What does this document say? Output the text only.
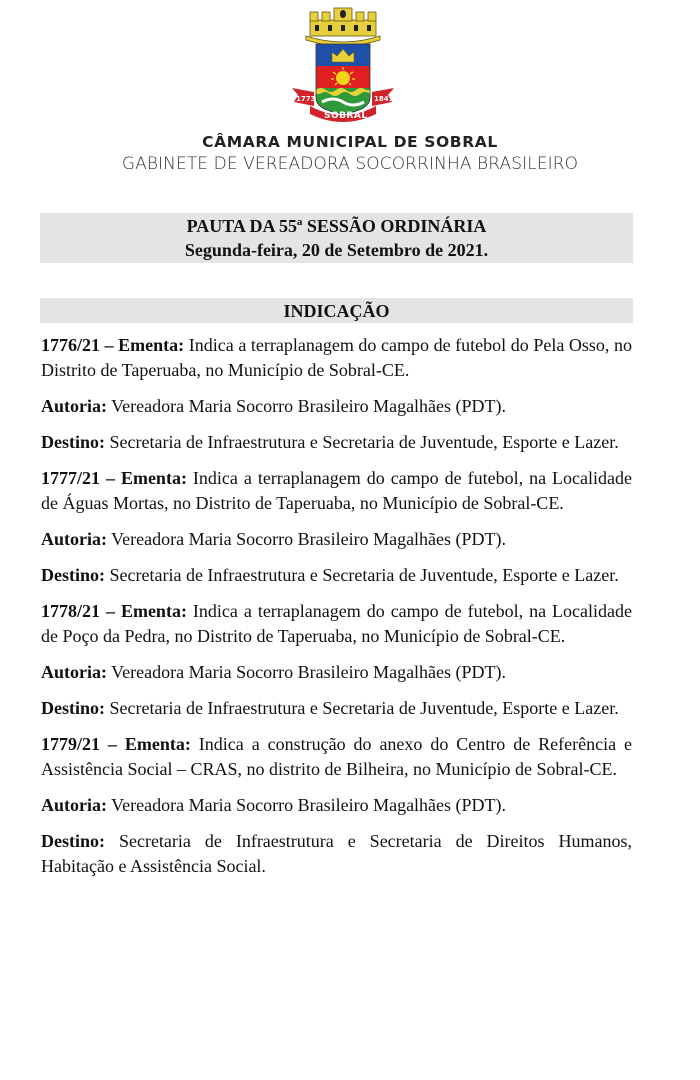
1773	1841
SOBRAL
CÂMARA MUNICIPAL DE SOBRAL
GABINETE DE VEREADORA SOCORRINHA BRASILEIRO
PAUTA DA 55ª SESSÃO ORDINÁRIA
Segunda-feira, 20 de Setembro de 2021.
INDICAÇÃO

1776/21 – Ementa: Indica a terraplanagem do campo de futebol do Pela Osso, no Distrito de Taperuaba, no Município de Sobral-CE.

Autoria: Vereadora Maria Socorro Brasileiro Magalhães (PDT).

Destino: Secretaria de Infraestrutura e Secretaria de Juventude, Esporte e Lazer.

1777/21 – Ementa: Indica a terraplanagem do campo de futebol, na Localidade de Águas Mortas, no Distrito de Taperuaba, no Município de Sobral-CE.

Autoria: Vereadora Maria Socorro Brasileiro Magalhães (PDT).

Destino: Secretaria de Infraestrutura e Secretaria de Juventude, Esporte e Lazer.

1778/21 – Ementa: Indica a terraplanagem do campo de futebol, na Localidade de Poço da Pedra, no Distrito de Taperuaba, no Município de Sobral-CE.

Autoria: Vereadora Maria Socorro Brasileiro Magalhães (PDT).

Destino: Secretaria de Infraestrutura e Secretaria de Juventude, Esporte e Lazer.

1779/21 – Ementa: Indica a construção do anexo do Centro de Referência e Assistência Social – CRAS, no distrito de Bilheira, no Município de Sobral-CE.

Autoria: Vereadora Maria Socorro Brasileiro Magalhães (PDT).

Destino: Secretaria de Infraestrutura e Secretaria de Direitos Humanos, Habitação e Assistência Social.
